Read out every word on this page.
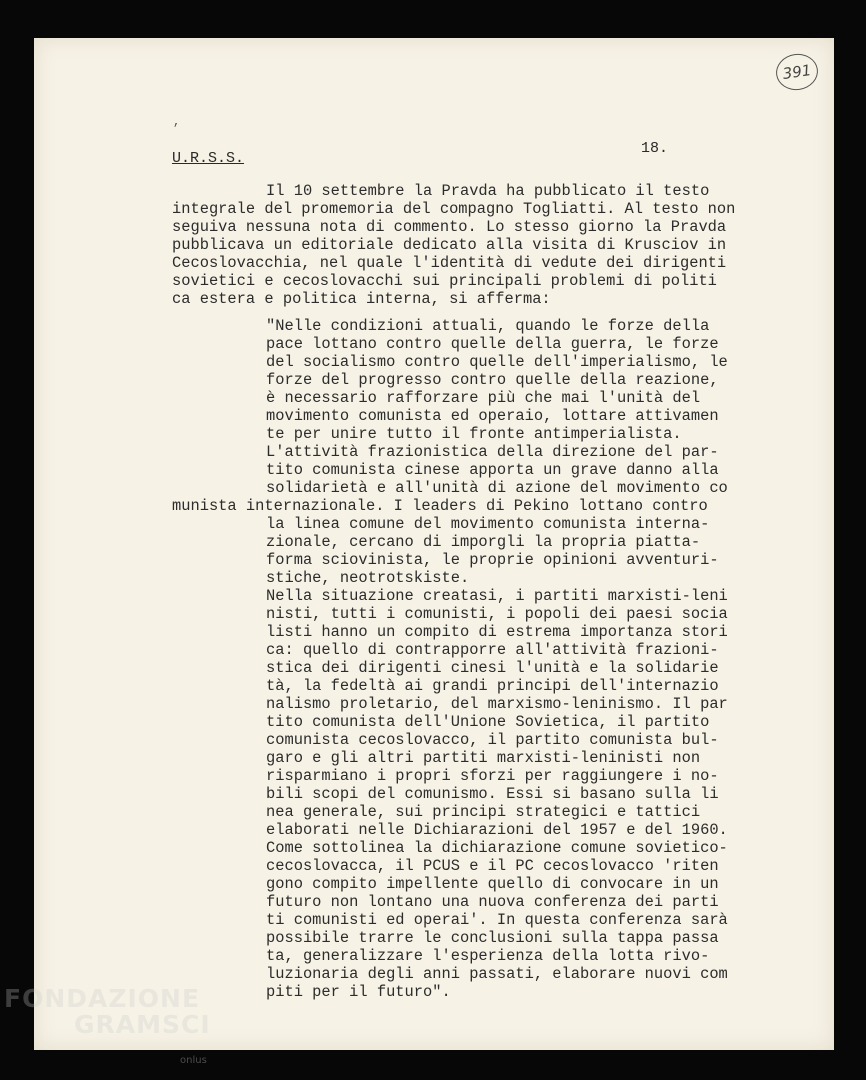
391
,
18.
U.R.S.S.
Il 10 settembre la Pravda ha pubblicato il testo
integrale del promemoria del compagno Togliatti. Al testo non
seguiva nessuna nota di commento. Lo stesso giorno la Pravda
pubblicava un editoriale dedicato alla visita di Krusciov in
Cecoslovacchia, nel quale l'identità di vedute dei dirigenti
sovietici e cecoslovacchi sui principali problemi di politi
ca estera e politica interna, si afferma:
"Nelle condizioni attuali, quando le forze della
pace lottano contro quelle della guerra, le forze
del socialismo contro quelle dell'imperialismo, le
forze del progresso contro quelle della reazione,
è necessario rafforzare più che mai l'unità del
movimento comunista ed operaio, lottare attivamen
te per unire tutto il fronte antimperialista.
L'attività frazionistica della direzione del par-
tito comunista cinese apporta un grave danno alla
solidarietà e all'unità di azione del movimento co
munista internazionale. I leaders di Pekino lottano contro
la linea comune del movimento comunista interna-
zionale, cercano di imporgli la propria piatta-
forma sciovinista, le proprie opinioni avventuri-
stiche, neotrotskiste.
Nella situazione creatasi, i partiti marxisti-leni
nisti, tutti i comunisti, i popoli dei paesi socia
listi hanno un compito di estrema importanza stori
ca: quello di contrapporre all'attività frazioni-
stica dei dirigenti cinesi l'unità e la solidarie
tà, la fedeltà ai grandi principi dell'internazio
nalismo proletario, del marxismo-leninismo. Il par
tito comunista dell'Unione Sovietica, il partito
comunista cecoslovacco, il partito comunista bul-
garo e gli altri partiti marxisti-leninisti non
risparmiano i propri sforzi per raggiungere i no-
bili scopi del comunismo. Essi si basano sulla li
nea generale, sui principi strategici e tattici
elaborati nelle Dichiarazioni del 1957 e del 1960.
Come sottolinea la dichiarazione comune sovietico-
cecoslovacca, il PCUS e il PC cecoslovacco 'riten
gono compito impellente quello di convocare in un
futuro non lontano una nuova conferenza dei parti
ti comunisti ed operai'. In questa conferenza sarà
possibile trarre le conclusioni sulla tappa passa
ta, generalizzare l'esperienza della lotta rivo-
luzionaria degli anni passati, elaborare nuovi com
piti per il futuro".
FONDAZIONE
GRAMSCI
onlus
